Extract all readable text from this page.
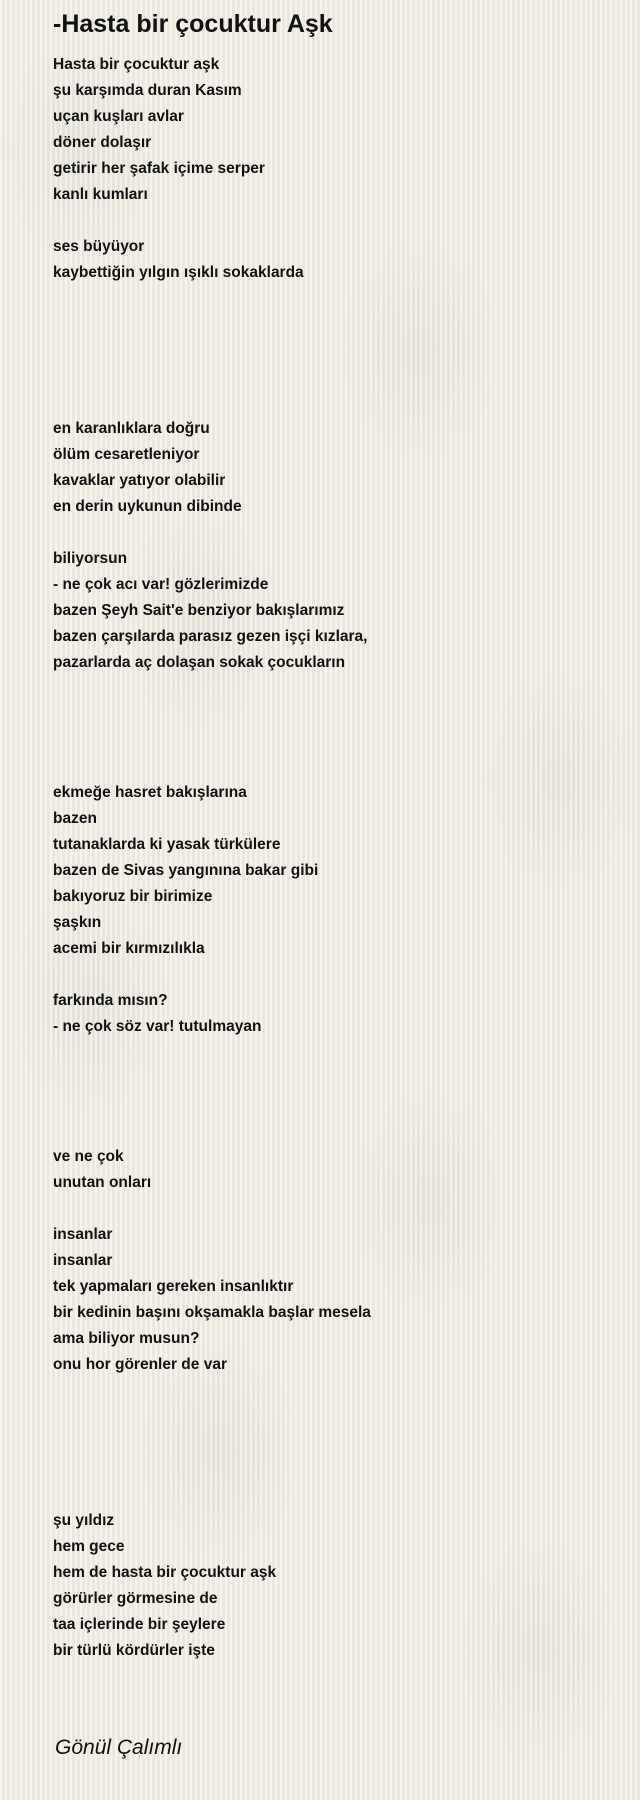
-Hasta bir çocuktur Aşk
Hasta bir çocuktur aşk
şu karşımda duran Kasım
uçan kuşları avlar
döner dolaşır
getirir her şafak içime serper
kanlı kumları
ses büyüyor
kaybettiğin yılgın ışıklı sokaklarda
en karanlıklara doğru
ölüm cesaretleniyor
kavaklar yatıyor olabilir
en derin uykunun dibinde
biliyorsun
- ne çok acı var! gözlerimizde
bazen Şeyh Sait'e benziyor bakışlarımız
bazen çarşılarda parasız gezen işçi kızlara,
pazarlarda aç dolaşan sokak çocukların
ekmeğe hasret bakışlarına
bazen
tutanaklarda ki yasak türkülere
bazen de Sivas yangınına bakar gibi
bakıyoruz bir birimize
şaşkın
acemi bir kırmızılıkla
farkında mısın?
- ne çok söz var! tutulmayan
ve ne çok
unutan onları
insanlar
insanlar
tek yapmaları gereken insanlıktır
bir kedinin başını okşamakla başlar mesela
ama biliyor musun?
onu hor görenler de var
şu yıldız
hem gece
hem de hasta bir çocuktur aşk
görürler görmesine de
taa içlerinde bir şeylere
bir türlü kördürler işte

Gönül Çalımlı
